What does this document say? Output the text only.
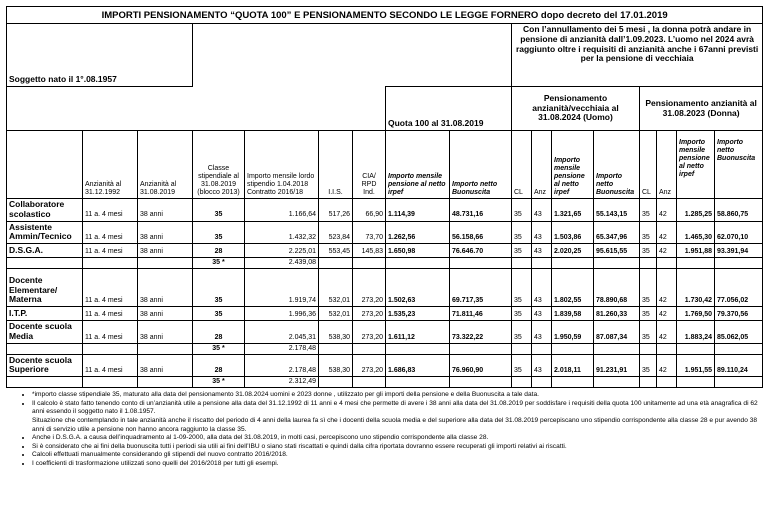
IMPORTI PENSIONAMENTO “QUOTA 100” E PENSIONAMENTO SECONDO LE LEGGE FORNERO dopo decreto del 17.01.2019																
Soggetto nato il 1°.08.1957									Con l’annullamento dei 5 mesi , la donna potrà andare in pensione di anzianità dall’1.09.2023. L’uomo nel 2024 avrà raggiunto oltre i requisiti di anzianità anche i 67anni previsti per la pensione di vecchiaia							
							Quota 100 al 31.08.2019		Pensionamento anzianità/vecchiaia al 31.08.2024 (Uomo)				Pensionamento anzianità al 31.08.2023 (Donna)			
	Anzianità al 31.12.1992	Anzianità al 31.08.2019	Classe stipendiale al 31.08.2019 (blocco 2013)	Importo mensile lordo stipendio 1.04.2018 Contratto 2016/18	I.I.S.	CIA/ RPD Ind.	Importo mensile pensione al netto irpef	Importo netto Buonuscita	CL	Anz	Importo mensile pensione al netto irpef	Importo netto Buonuscita	CL	Anz	Importo mensile pensione al netto irpef	Importo netto Buonuscita
Collaboratore scolastico	11 a. 4 mesi	38 anni	35	1.166,64	517,26	66,90	1.114,39	48.731,16	35	43	1.321,65	55.143,15	35	42	1.285,25	58.860,75
Assistente Ammin/Tecnico	11 a. 4 mesi	38 anni	35	1.432,32	523,84	73,70	1.262,56	56.158,66	35	43	1.503,86	65.347,96	35	42	1.465,30	62.070,10
D.S.G.A.	11 a. 4 mesi	38 anni	28	2.225,01	553,45	145,83	1.650,98	76.646.70	35	43	2.020,25	95.615,55	35	42	1.951,88	93.391,94
			35 *	2.439,08												
Docente Elementare/ Materna	11 a. 4 mesi	38 anni	35	1.919,74	532,01	273,20	1.502,63	69.717,35	35	43	1.802,55	78.890,68	35	42	1.730,42	77.056,02
I.T.P.	11 a. 4 mesi	38 anni	35	1.996,36	532,01	273,20	1.535,23	71.811,46	35	43	1.839,58	81.260,33	35	42	1.769,50	79.370,56
Docente scuola Media	11 a. 4 mesi	38 anni	28	2.045,31	538,30	273,20	1.611,12	73.322,22	35	43	1.950,59	87.087,34	35	42	1.883,24	85.062,05
			35 *	2.178,48												
Docente scuola Superiore	11 a. 4 mesi	38 anni	28	2.178,48	538,30	273,20	1.686,83	76.960,90	35	43	2.018,11	91.231,91	35	42	1.951,55	89.110,24
			35 *	2.312,49												
• *importo classe stipendiale 35, maturato alla data del pensionamento 31.08.2024 uomini e 2023 donne , utilizzato per gli importi della pensione e della Buonuscita a tale data.
• Il calcolo è stato fatto tenendo conto di un’anzianità utile a pensione alla data del 31.12.1992 di 11 anni e 4 mesi che permette di avere i 38 anni alla data del 31.08.2019 per soddisfare i requisiti della quota 100 unitamente ad una età anagrafica di 62 anni essendo il soggetto nato il 1.08.1957.
Situazione che contemplando in tale anzianità anche il riscatto del periodo di 4 anni della laurea fa sì che i docenti della scuola media e del superiore alla data del 31.08.2019 percepiscano uno stipendio corrispondente alla classe 28 e pur avendo 38 anni di servizio utile a pensione non hanno ancora raggiunto la classe 35.
• Anche i D.S.G.A. a causa dell’inquadramento al 1-09-2000, alla data del 31.08.2019, in molti casi, percepiscono uno stipendio corrispondente alla classe 28.
• Si è considerato che ai fini della buonuscita tutti i periodi sia utili ai fini dell’IBU o siano stati riscattati e quindi dalla cifra riportata dovranno essere recuperati gli importi relativi ai riscatti.
• Calcoli effettuati manualmente considerando gli stipendi del nuovo contratto 2016/2018.
• I coefficienti di trasformazione utilizzati sono quelli del 2016/2018 per tutti gli esempi.
